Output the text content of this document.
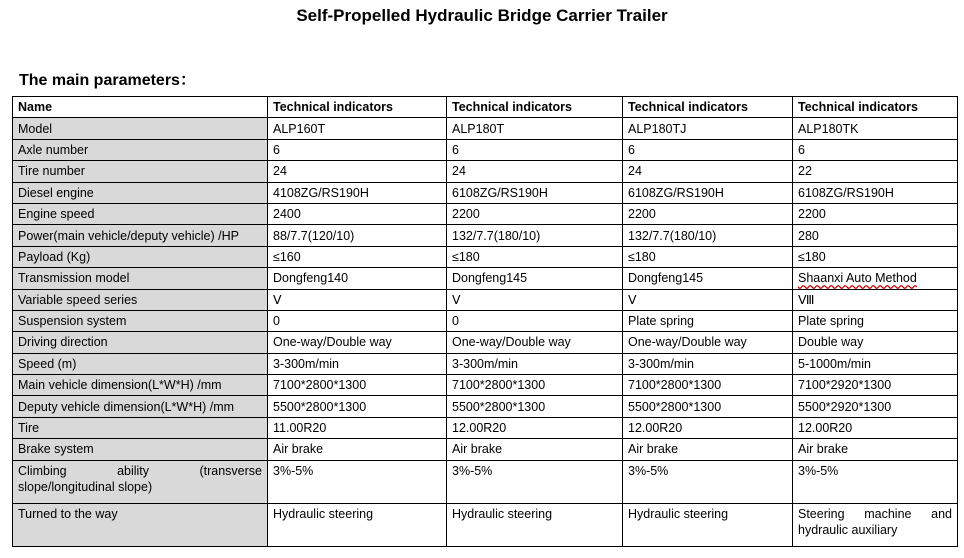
Self-Propelled Hydraulic Bridge Carrier Trailer
The main parameters：
Name	Technical indicators	Technical indicators	Technical indicators	Technical indicators
Model	ALP160T	ALP180T	ALP180TJ	ALP180TK
Axle number	6	6	6	6
Tire number	24	24	24	22
Diesel engine	4108ZG/RS190H	6108ZG/RS190H	6108ZG/RS190H	6108ZG/RS190H
Engine speed	2400	2200	2200	2200
Power(main vehicle/deputy vehicle) /HP	88/7.7(120/10)	132/7.7(180/10)	132/7.7(180/10)	280
Payload (Kg)	≤160	≤180	≤180	≤180
Transmission model	Dongfeng140	Dongfeng145	Dongfeng145	Shaanxi Auto Method
Variable speed series	Ⅴ	Ⅴ	Ⅴ	Ⅷ
Suspension system	0	0	Plate spring	Plate spring
Driving direction	One-way/Double way	One-way/Double way	One-way/Double way	Double way
Speed (m)	3-300m/min	3-300m/min	3-300m/min	5-1000m/min
Main vehicle dimension(L*W*H) /mm	7100*2800*1300	7100*2800*1300	7100*2800*1300	7100*2920*1300
Deputy vehicle dimension(L*W*H) /mm	5500*2800*1300	5500*2800*1300	5500*2800*1300	5500*2920*1300
Tire	11.00R20	12.00R20	12.00R20	12.00R20
Brake system	Air brake	Air brake	Air brake	Air brake
Climbing ability (transverse slope/longitudinal slope)	3%-5%	3%-5%	3%-5%	3%-5%
Turned to the way	Hydraulic steering	Hydraulic steering	Hydraulic steering	Steering machine and hydraulic auxiliary
